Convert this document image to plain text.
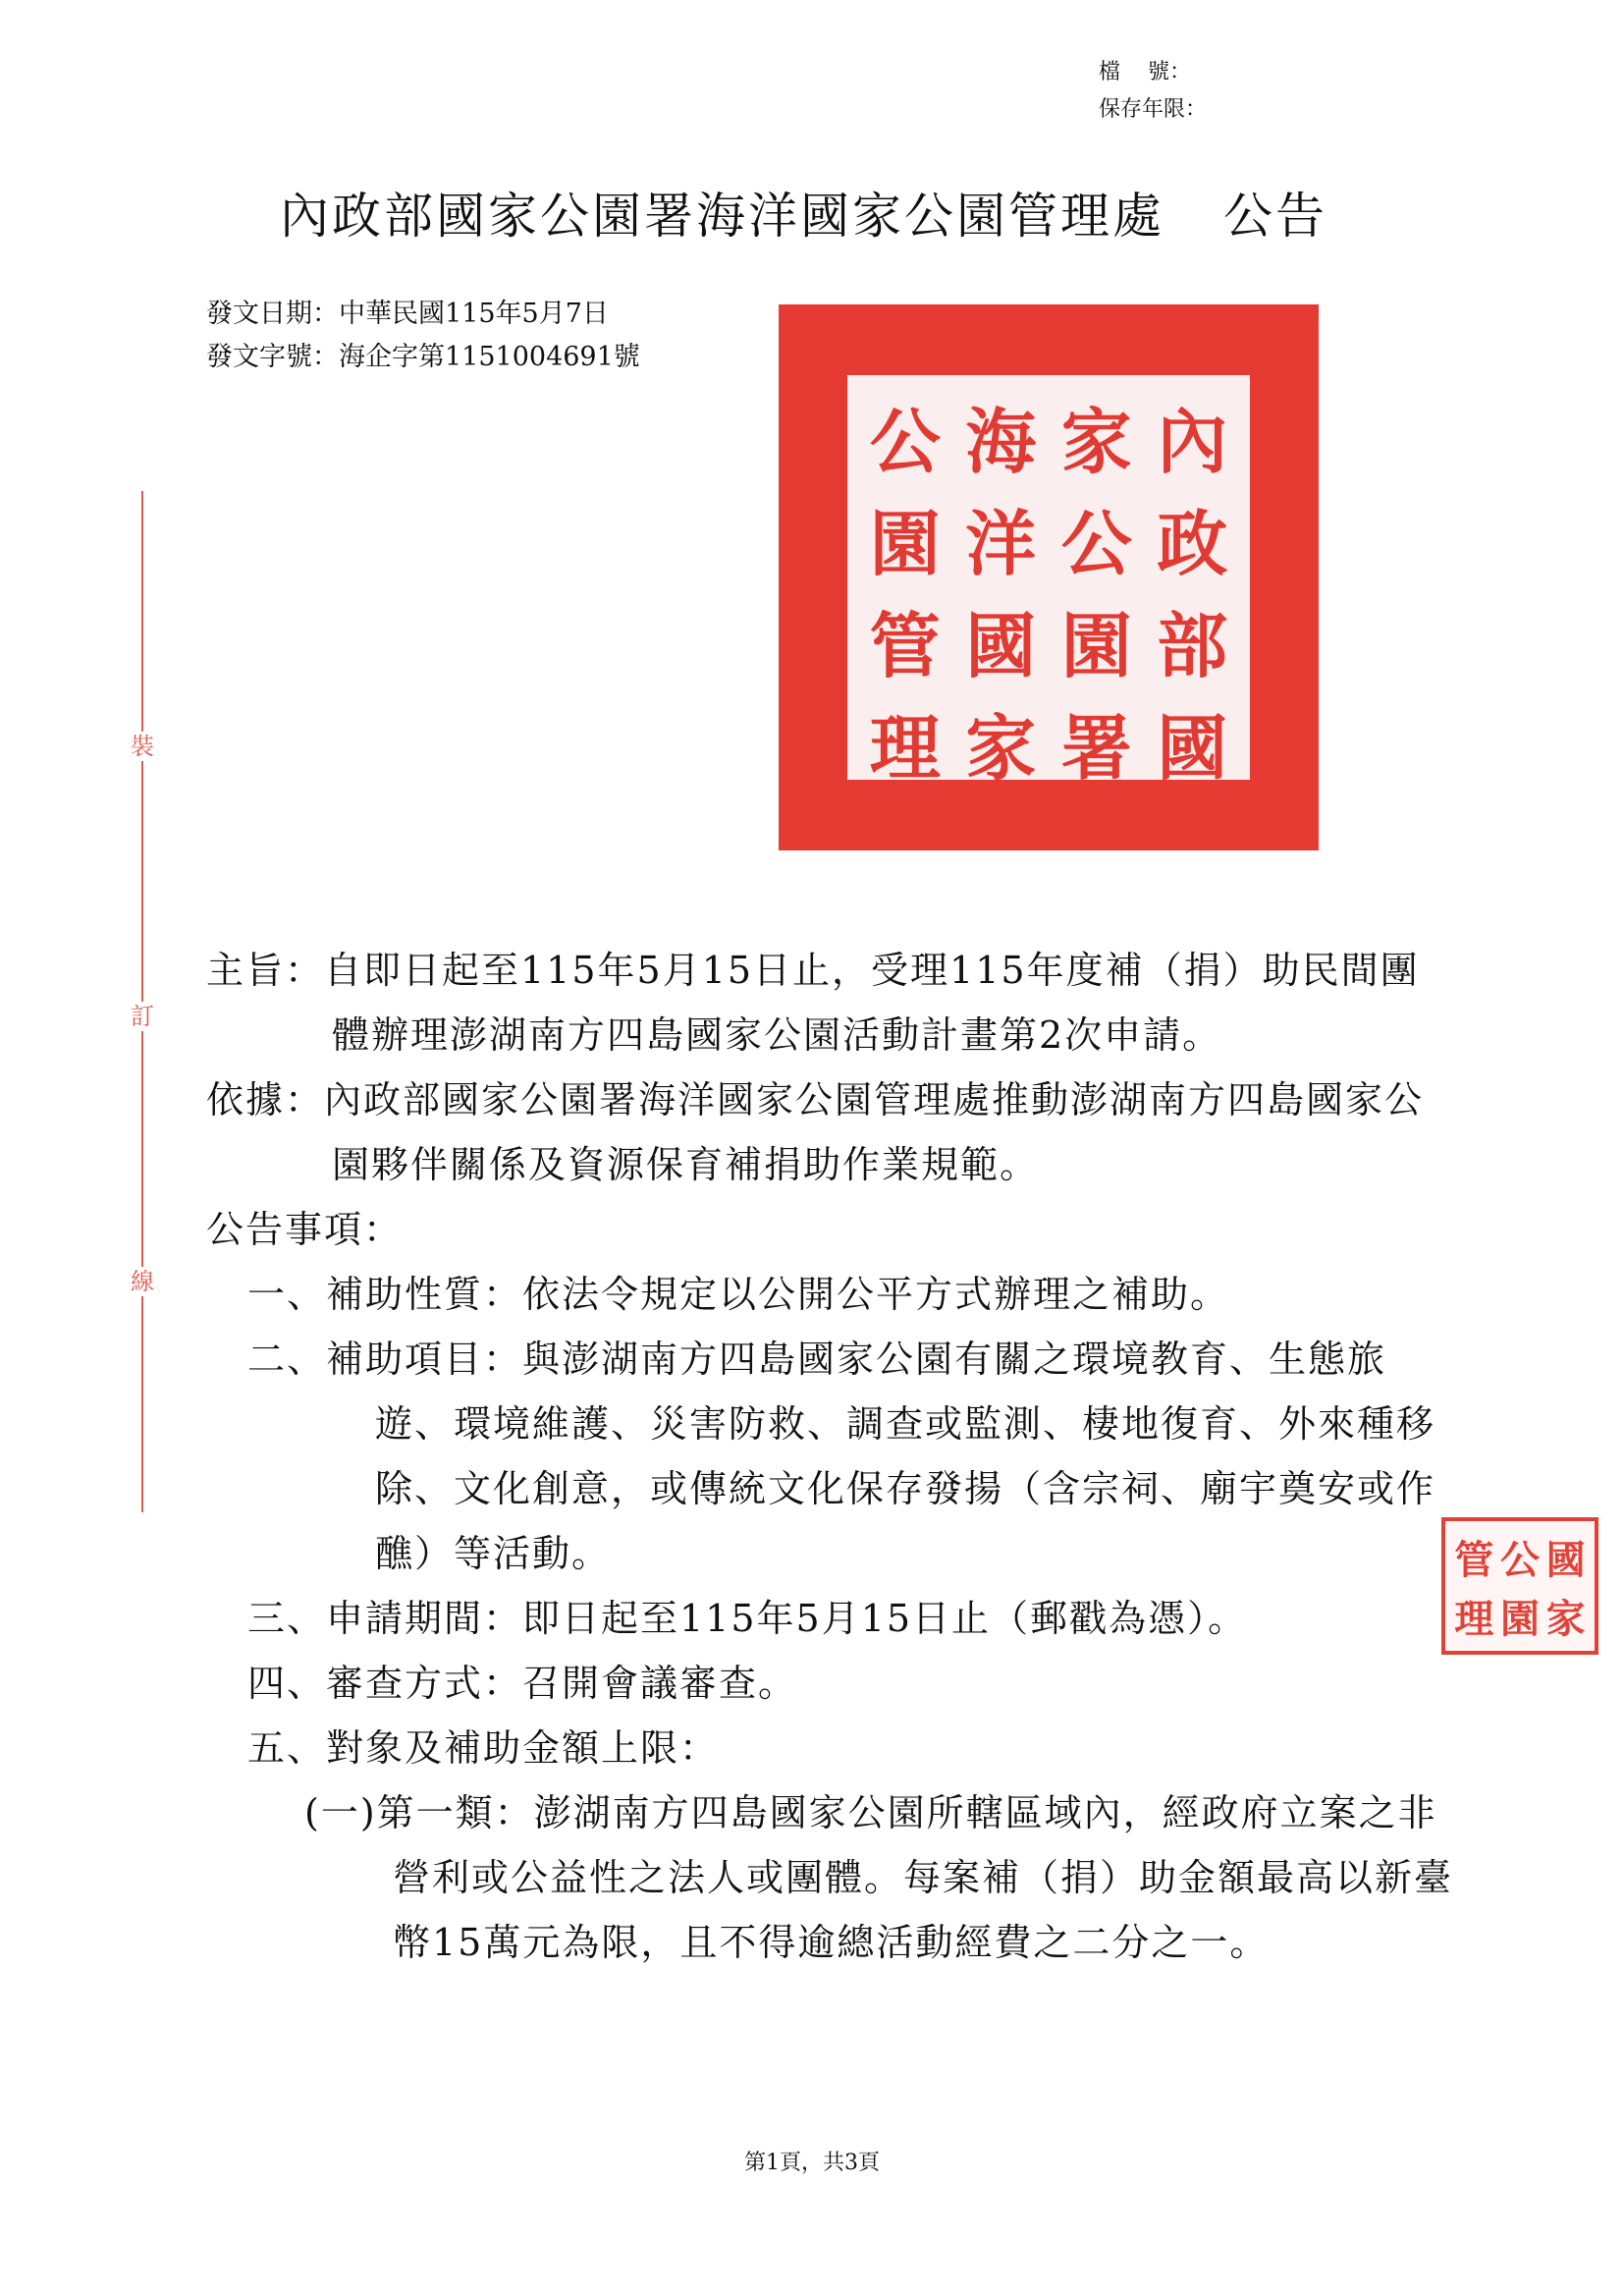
檔    號：
保存年限：
內政部國家公園署海洋國家公園管理處 公告
發文日期：中華民國115年5月7日
發文字號：海企字第1151004691號
內
政
部
國
家
公
園
署
海
洋
國
家
公
園
管
理
國
家
公
園
管
理
裝
訂
線
主旨：自即日起至115年5月15日止，受理115年度補（捐）助民間團體辦理澎湖南方四島國家公園活動計畫第2次申請。
依據：內政部國家公園署海洋國家公園管理處推動澎湖南方四島國家公園夥伴關係及資源保育補捐助作業規範。
公告事項：
一、補助性質：依法令規定以公開公平方式辦理之補助。
二、補助項目：與澎湖南方四島國家公園有關之環境教育、生態旅遊、環境維護、災害防救、調查或監測、棲地復育、外來種移除、文化創意，或傳統文化保存發揚（含宗祠、廟宇奠安或作醮）等活動。
三、申請期間：即日起至115年5月15日止（郵戳為憑）。
四、審查方式：召開會議審查。
五、對象及補助金額上限：
(一)第一類：澎湖南方四島國家公園所轄區域內，經政府立案之非營利或公益性之法人或團體。每案補（捐）助金額最高以新臺幣15萬元為限，且不得逾總活動經費之二分之一。
第1頁，共3頁
